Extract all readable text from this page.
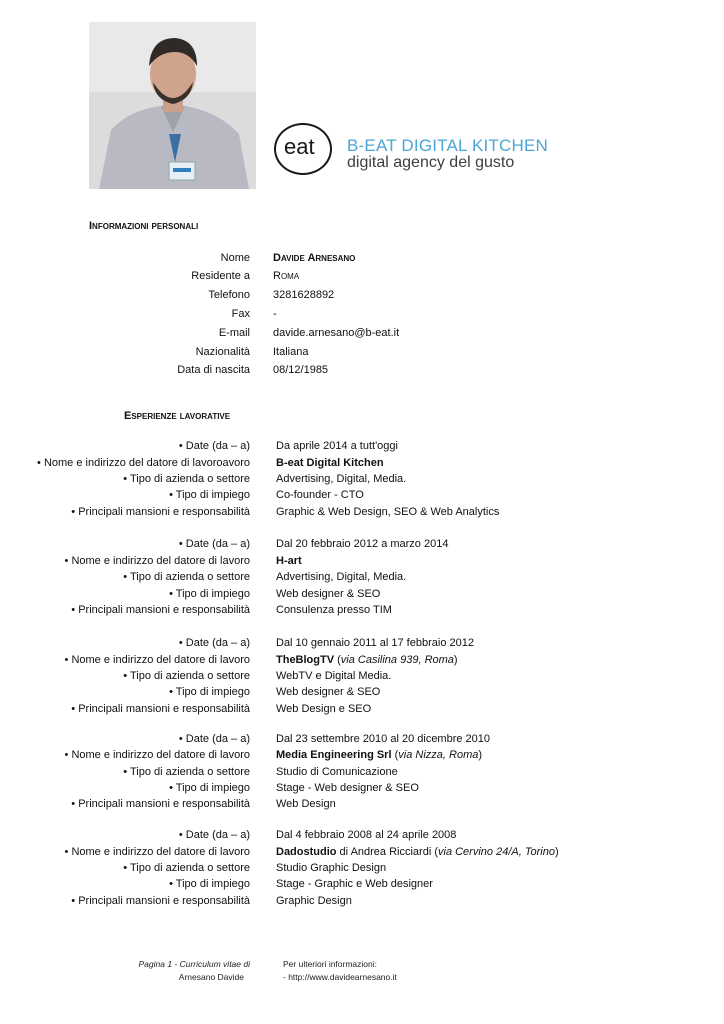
eat B-EAT DIGITAL KITCHEN
digital agency del gusto
Informazioni personali
Nome Davide Arnesano
Residente a Roma
Telefono 3281628892
Fax -
E-mail davide.arnesano@b-eat.it
Nazionalità Italiana
Data di nascita 08/12/1985
Esperienze lavorative
• Date (da – a) Da aprile 2014 a tutt'oggi
• Nome e indirizzo del datore di lavoroavoro B-eat Digital Kitchen
• Tipo di azienda o settore Advertising, Digital, Media.
• Tipo di impiego Co-founder - CTO
• Principali mansioni e responsabilità Graphic & Web Design, SEO & Web Analytics
• Date (da – a) Dal 20 febbraio 2012 a marzo 2014
• Nome e indirizzo del datore di lavoro H-art
• Tipo di azienda o settore Advertising, Digital, Media.
• Tipo di impiego Web designer & SEO
• Principali mansioni e responsabilità Consulenza presso TIM
• Date (da – a) Dal 10 gennaio 2011 al 17 febbraio 2012
• Nome e indirizzo del datore di lavoro TheBlogTV (via Casilina 939, Roma)
• Tipo di azienda o settore WebTV e Digital Media.
• Tipo di impiego Web designer & SEO
• Principali mansioni e responsabilità Web Design e SEO
• Date (da – a) Dal 23 settembre 2010 al 20 dicembre 2010
• Nome e indirizzo del datore di lavoro Media Engineering Srl (via Nizza, Roma)
• Tipo di azienda o settore Studio di Comunicazione
• Tipo di impiego Stage - Web designer & SEO
• Principali mansioni e responsabilità Web Design
• Date (da – a) Dal 4 febbraio 2008 al 24 aprile 2008
• Nome e indirizzo del datore di lavoro Dadostudio di Andrea Ricciardi (via Cervino 24/A, Torino)
• Tipo di azienda o settore Studio Graphic Design
• Tipo di impiego Stage - Graphic e Web designer
• Principali mansioni e responsabilità Graphic Design
Pagina 1 - Curriculum vitae di
Arnesano Davide
Per ulteriori informazioni:
- http://www.davidearnesano.it
